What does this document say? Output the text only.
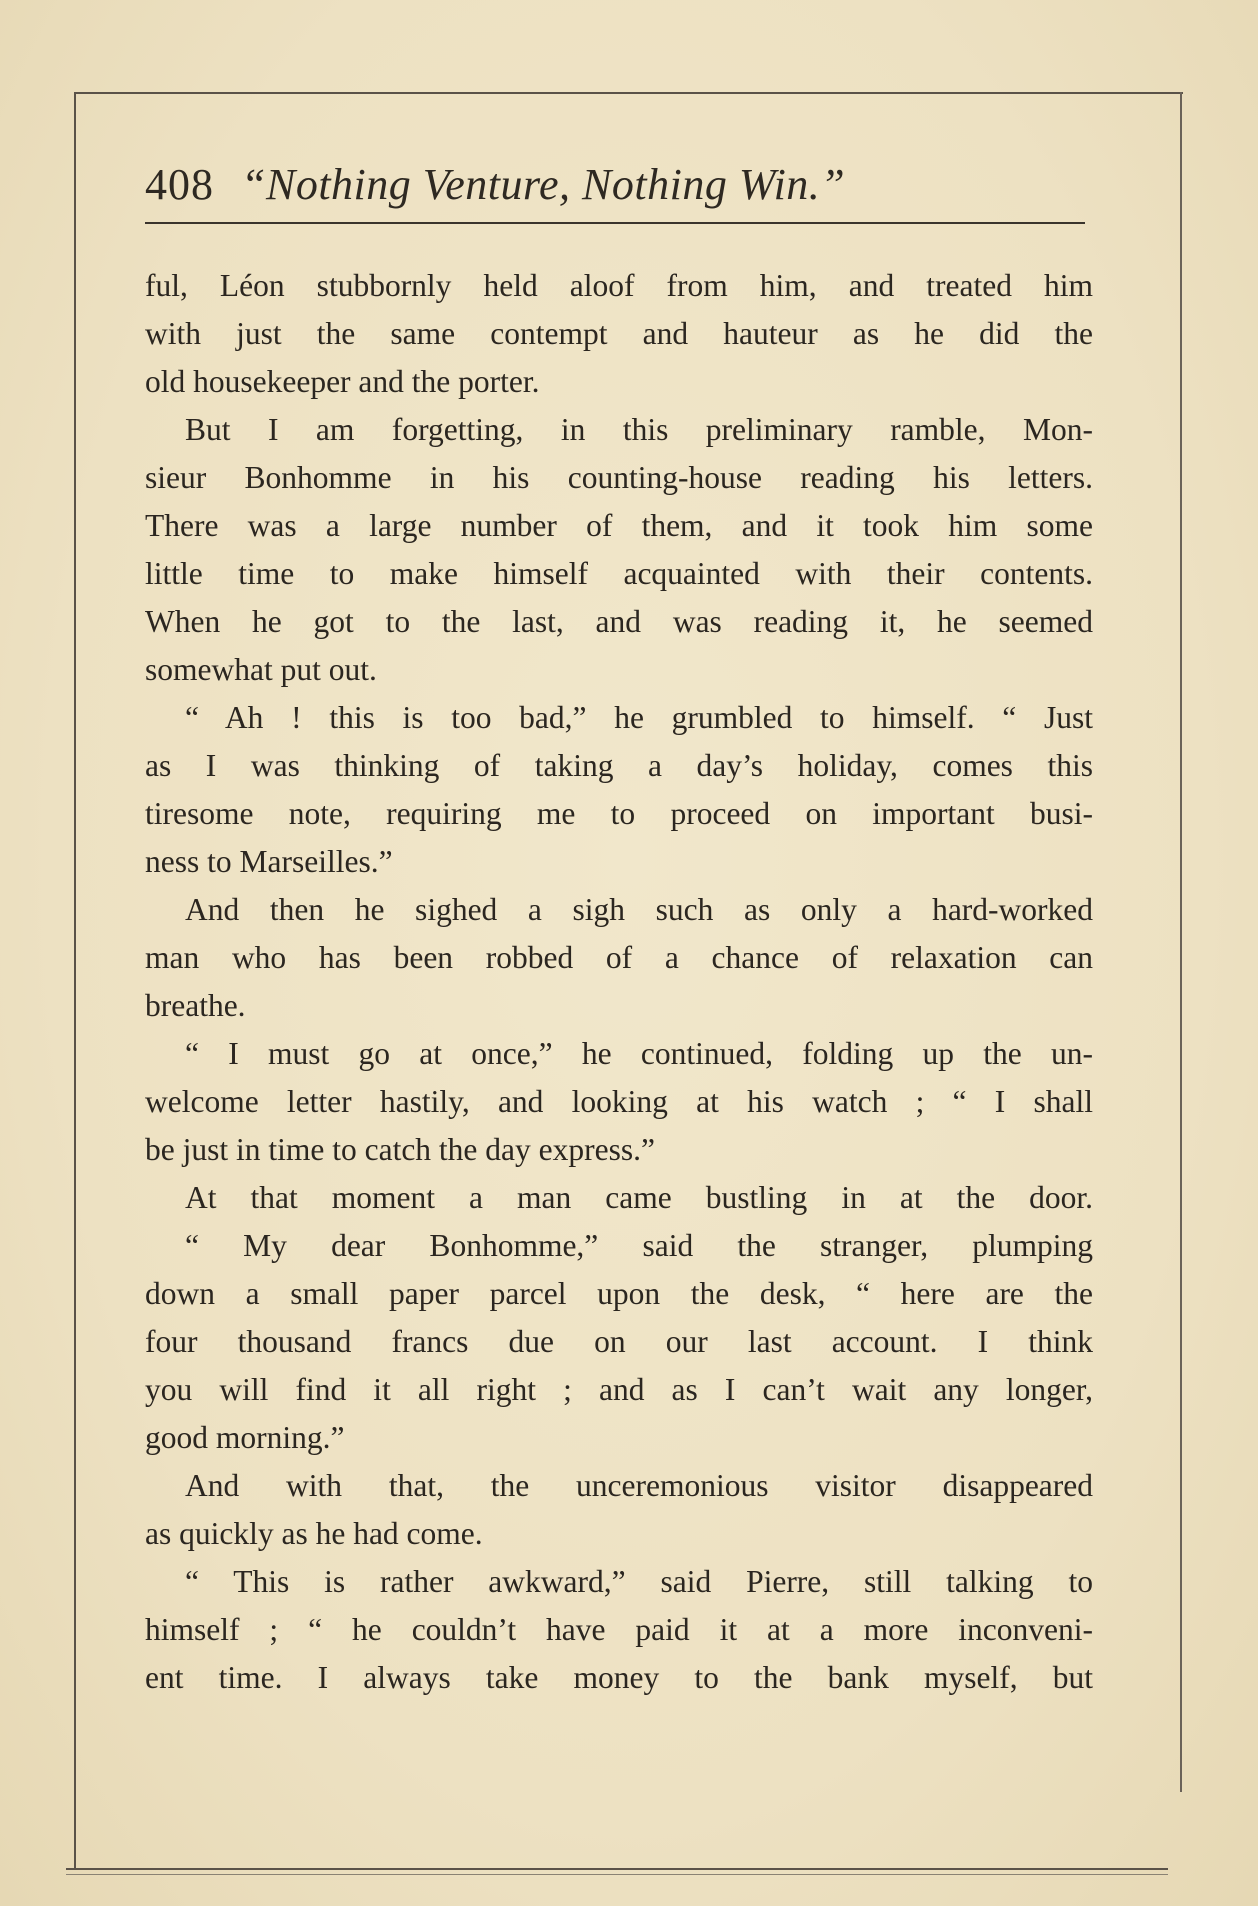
408 “Nothing Venture, Nothing Win.”
ful, Léon stubbornly held aloof from him, and treated him
with just the same contempt and hauteur as he did the
old housekeeper and the porter.
But I am forgetting, in this preliminary ramble, Mon-
sieur Bonhomme in his counting-house reading his letters.
There was a large number of them, and it took him some
little time to make himself acquainted with their contents.
When he got to the last, and was reading it, he seemed
somewhat put out.
“ Ah ! this is too bad,” he grumbled to himself. “ Just
as I was thinking of taking a day’s holiday, comes this
tiresome note, requiring me to proceed on important busi-
ness to Marseilles.”
And then he sighed a sigh such as only a hard-worked
man who has been robbed of a chance of relaxation can
breathe.
“ I must go at once,” he continued, folding up the un-
welcome letter hastily, and looking at his watch ; “ I shall
be just in time to catch the day express.”
At that moment a man came bustling in at the door.
“ My dear Bonhomme,” said the stranger, plumping
down a small paper parcel upon the desk, “ here are the
four thousand francs due on our last account. I think
you will find it all right ; and as I can’t wait any longer,
good morning.”
And with that, the unceremonious visitor disappeared
as quickly as he had come.
“ This is rather awkward,” said Pierre, still talking to
himself ; “ he couldn’t have paid it at a more inconveni-
ent time. I always take money to the bank myself, but
